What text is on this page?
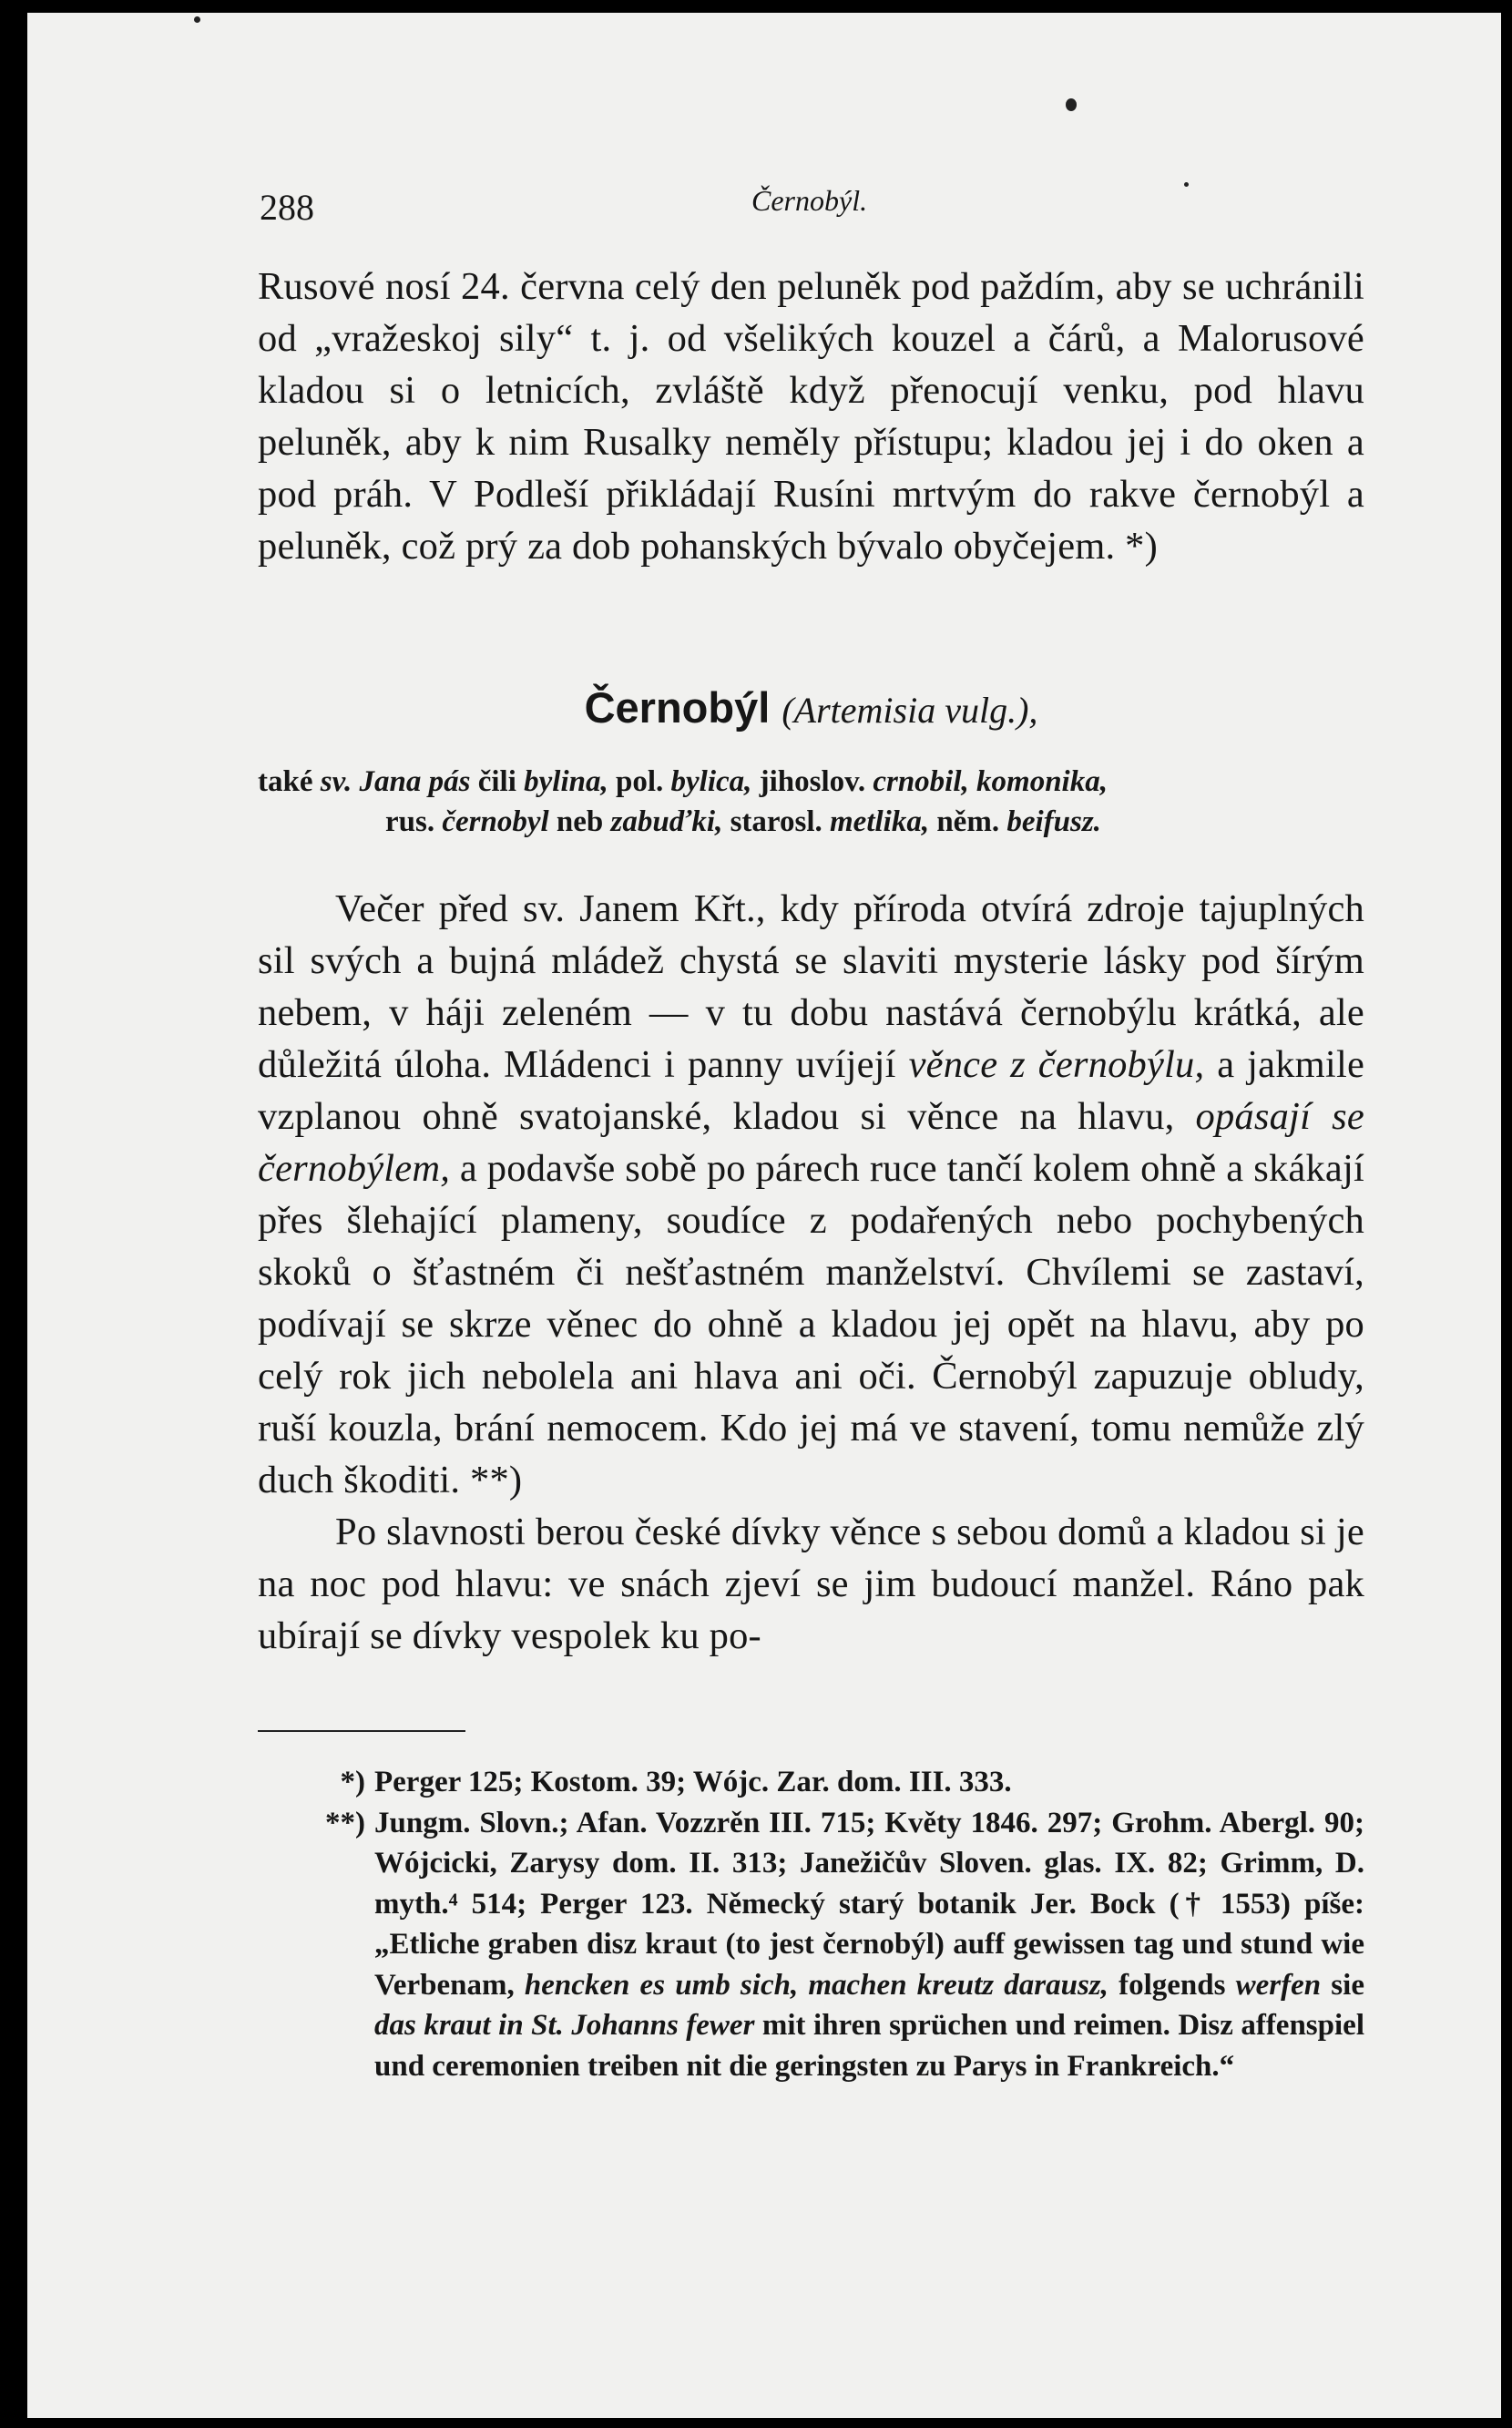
288	Černobýl.

Rusové nosí 24. června celý den peluněk pod paždím, aby se uchránili od „vražeskoj sily“ t. j. od všelikých kouzel a čárů, a Malorusové kladou si o letnicích, zvláště když přenocují venku, pod hlavu peluněk, aby k nim Rusalky neměly přístupu; kladou jej i do oken a pod práh. V Podleší přikládají Rusíni mrtvým do rakve černobýl a peluněk, což prý za dob pohanských bývalo obyčejem. *)

Černobýl (Artemisia vulg.),

také sv. Jana pás čili bylina, pol. bylica, jihoslov. crnobil, komonika,
rus. černobyl neb zabuďki, starosl. metlika, něm. beifusz.

Večer před sv. Janem Křt., kdy příroda otvírá zdroje tajuplných sil svých a bujná mládež chystá se slaviti mysterie lásky pod šírým nebem, v háji zeleném — v tu dobu nastává černobýlu krátká, ale důležitá úloha. Mládenci i panny uvíjejí věnce z černobýlu, a jakmile vzplanou ohně svatojanské, kladou si věnce na hlavu, opásají se černobýlem, a podavše sobě po párech ruce tančí kolem ohně a skákají přes šlehající plameny, soudíce z podařených nebo pochybených skoků o šťastném či nešťastném manželství. Chvílemi se zastaví, podívají se skrze věnec do ohně a kladou jej opět na hlavu, aby po celý rok jich nebolela ani hlava ani oči. Černobýl zapuzuje obludy, ruší kouzla, brání nemocem. Kdo jej má ve stavení, tomu nemůže zlý duch škoditi. **)

Po slavnosti berou české dívky věnce s sebou domů a kladou si je na noc pod hlavu: ve snách zjeví se jim budoucí manžel. Ráno pak ubírají se dívky vespolek ku po-

*) Perger 125; Kostom. 39; Wójc. Zar. dom. III. 333.

**) Jungm. Slovn.; Afan. Vozzrěn III. 715; Květy 1846. 297; Grohm. Abergl. 90; Wójcicki, Zarysy dom. II. 313; Janežičův Sloven. glas. IX. 82; Grimm, D. myth.⁴ 514; Perger 123. Německý starý botanik Jer. Bock († 1553) píše: „Etliche graben disz kraut (to jest černobýl) auff gewissen tag und stund wie Verbenam, hencken es umb sich, machen kreutz darausz, folgends werfen sie das kraut in St. Johanns fewer mit ihren sprüchen und reimen. Disz affenspiel und ceremonien treiben nit die geringsten zu Parys in Frankreich.“
